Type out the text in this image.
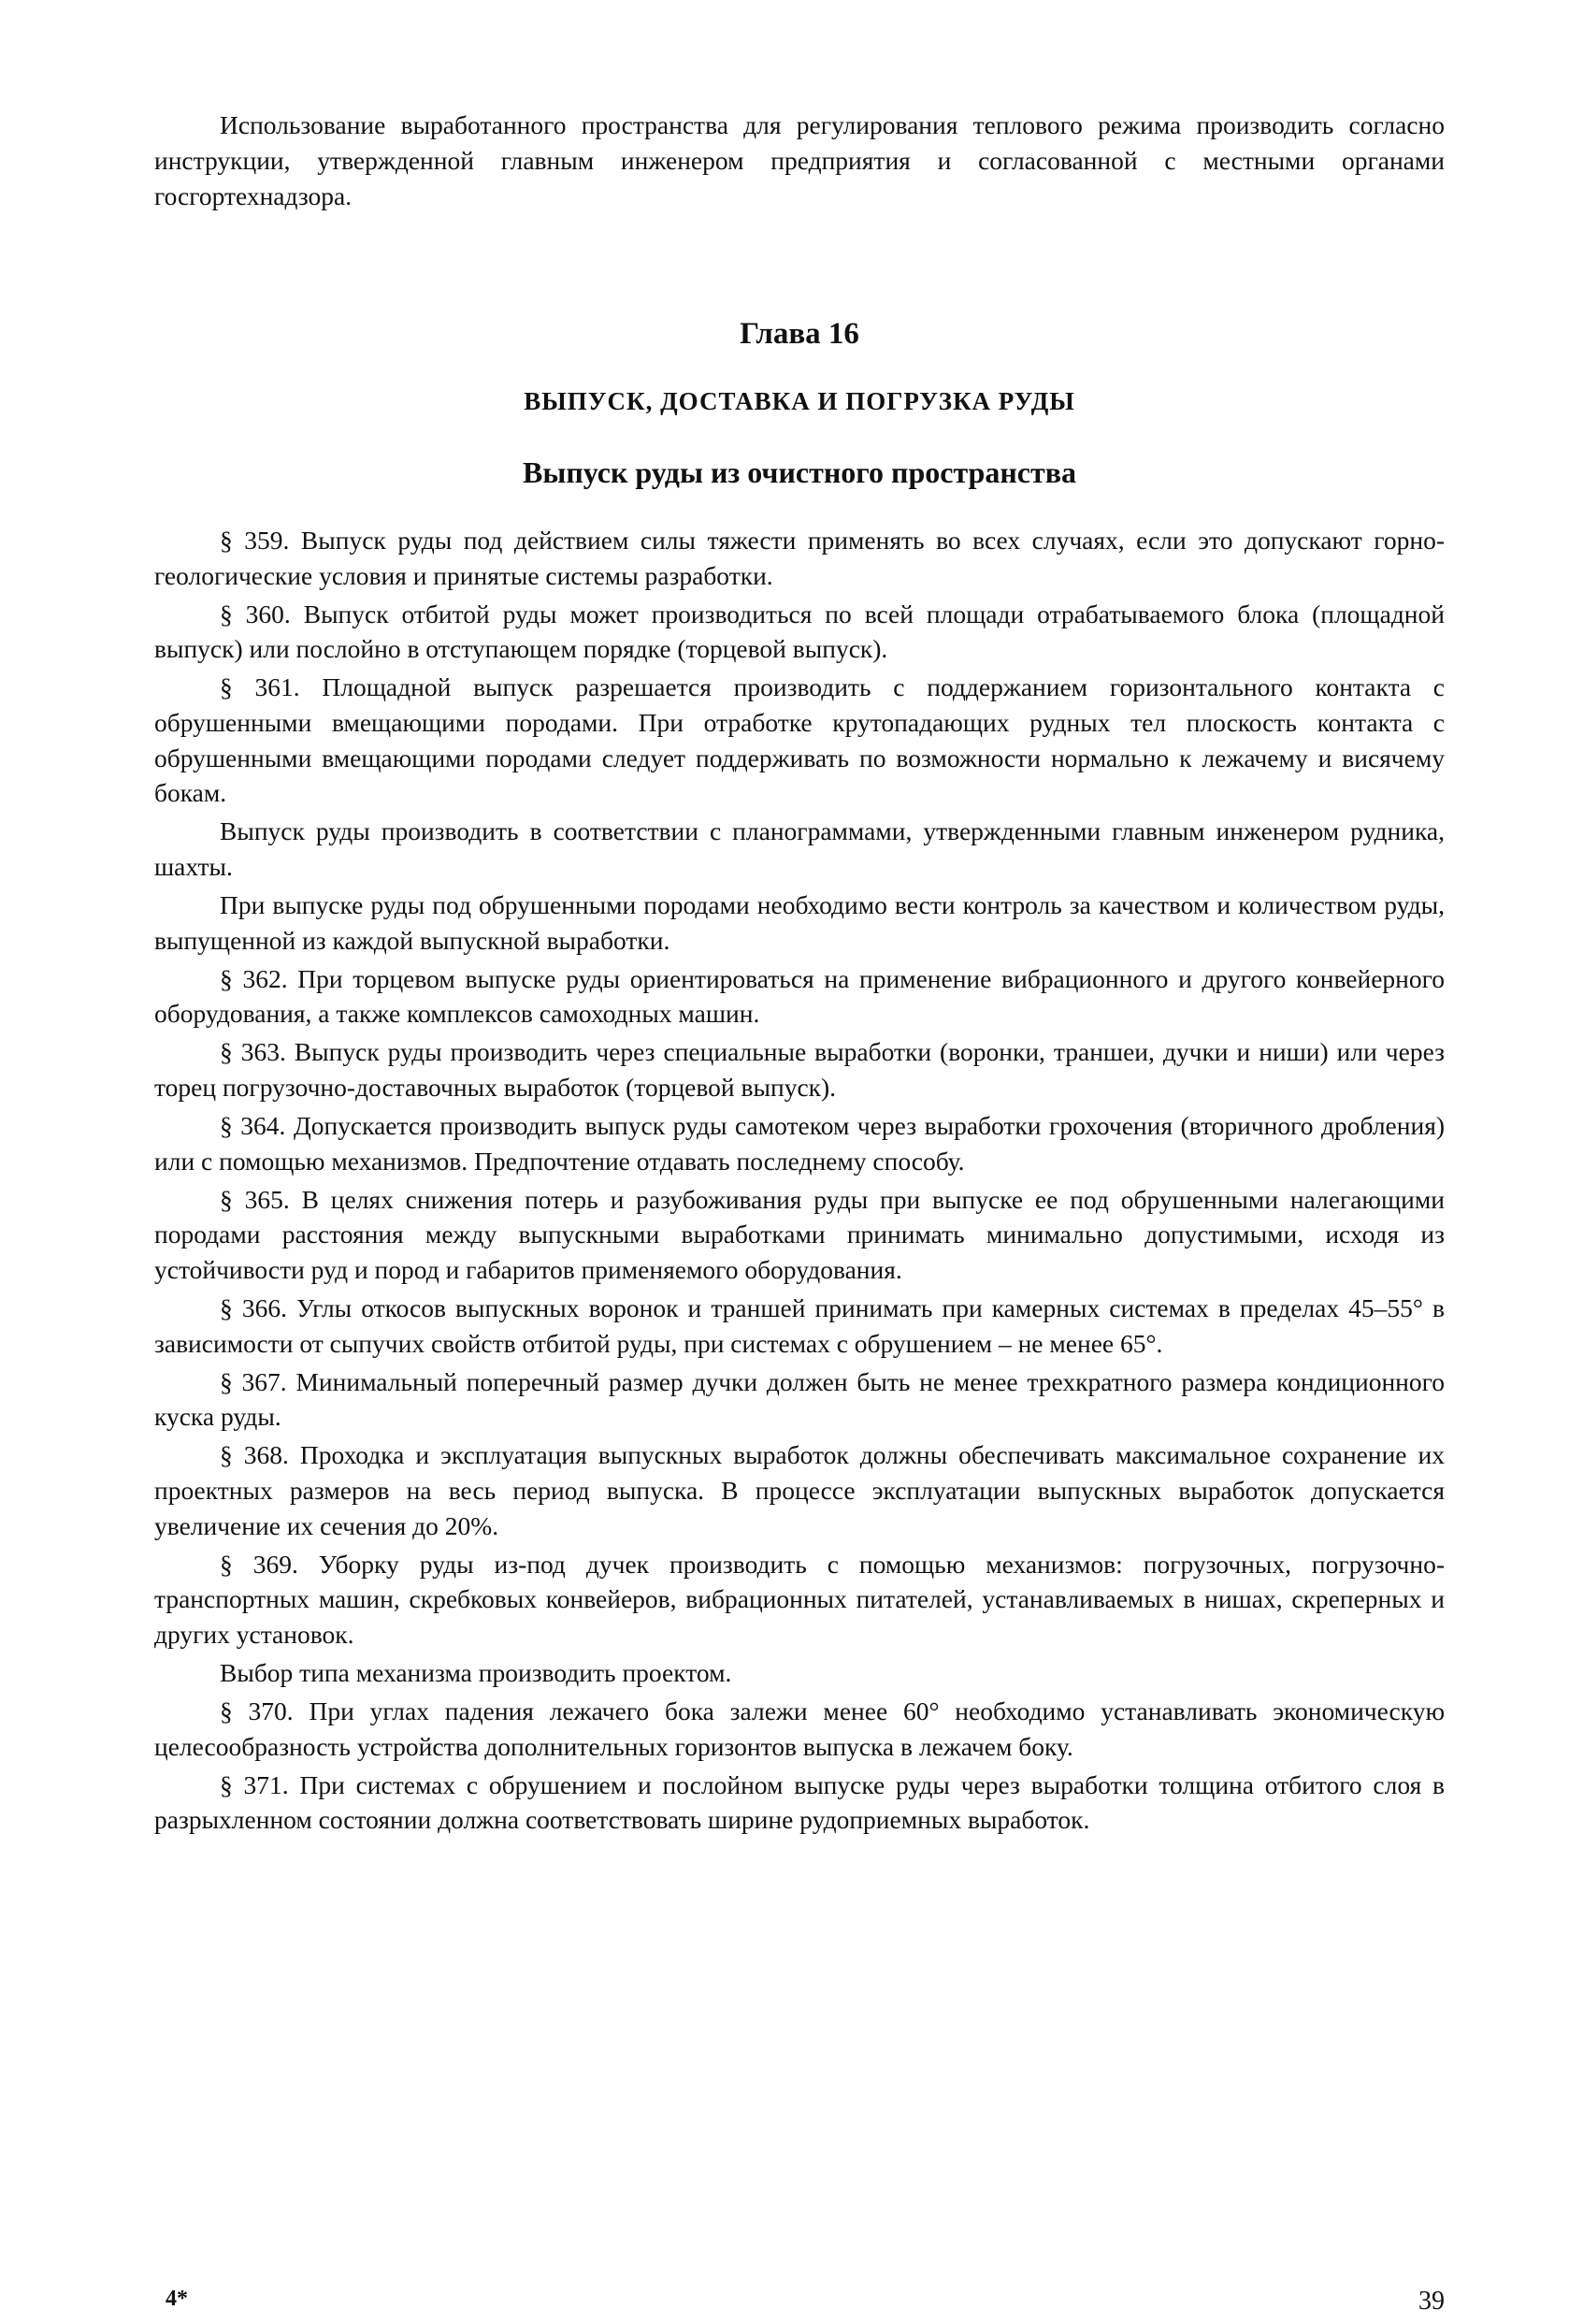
Использование выработанного пространства для регулирования теплового режима производить согласно инструкции, утвержденной главным инженером предприятия и согласованной с местными органами госгортехнадзора.

Глава 16
ВЫПУСК, ДОСТАВКА И ПОГРУЗКА РУДЫ
Выпуск руды из очистного пространства

§ 359. Выпуск руды под действием силы тяжести применять во всех случаях, если это допускают горно-геологические условия и принятые системы разработки.

§ 360. Выпуск отбитой руды может производиться по всей площади отрабатываемого блока (площадной выпуск) или послойно в отступающем порядке (торцевой выпуск).

§ 361. Площадной выпуск разрешается производить с поддержанием горизонтального контакта с обрушенными вмещающими породами. При отработке крутопадающих рудных тел плоскость контакта с обрушенными вмещающими породами следует поддерживать по возможности нормально к лежачему и висячему бокам.

Выпуск руды производить в соответствии с планограммами, утвержденными главным инженером рудника, шахты.

При выпуске руды под обрушенными породами необходимо вести контроль за качеством и количеством руды, выпущенной из каждой выпускной выработки.

§ 362. При торцевом выпуске руды ориентироваться на применение вибрационного и другого конвейерного оборудования, а также комплексов самоходных машин.

§ 363. Выпуск руды производить через специальные выработки (воронки, траншеи, дучки и ниши) или через торец погрузочно-доставочных выработок (торцевой выпуск).

§ 364. Допускается производить выпуск руды самотеком через выработки грохочения (вторичного дробления) или с помощью механизмов. Предпочтение отдавать последнему способу.

§ 365. В целях снижения потерь и разубоживания руды при выпуске ее под обрушенными налегающими породами расстояния между выпускными выработками принимать минимально допустимыми, исходя из устойчивости руд и пород и габаритов применяемого оборудования.

§ 366. Углы откосов выпускных воронок и траншей принимать при камерных системах в пределах 45–55° в зависимости от сыпучих свойств отбитой руды, при системах с обрушением – не менее 65°.

§ 367. Минимальный поперечный размер дучки должен быть не менее трехкратного размера кондиционного куска руды.

§ 368. Проходка и эксплуатация выпускных выработок должны обеспечивать максимальное сохранение их проектных размеров на весь период выпуска. В процессе эксплуатации выпускных выработок допускается увеличение их сечения до 20%.

§ 369. Уборку руды из-под дучек производить с помощью механизмов: погрузочных, погрузочно-транспортных машин, скребковых конвейеров, вибрационных питателей, устанавливаемых в нишах, скреперных и других установок.

Выбор типа механизма производить проектом.

§ 370. При углах падения лежачего бока залежи менее 60° необходимо устанавливать экономическую целесообразность устройства дополнительных горизонтов выпуска в лежачем боку.

§ 371. При системах с обрушением и послойном выпуске руды через выработки толщина отбитого слоя в разрыхленном состоянии должна соответствовать ширине рудоприемных выработок.

4*	39
